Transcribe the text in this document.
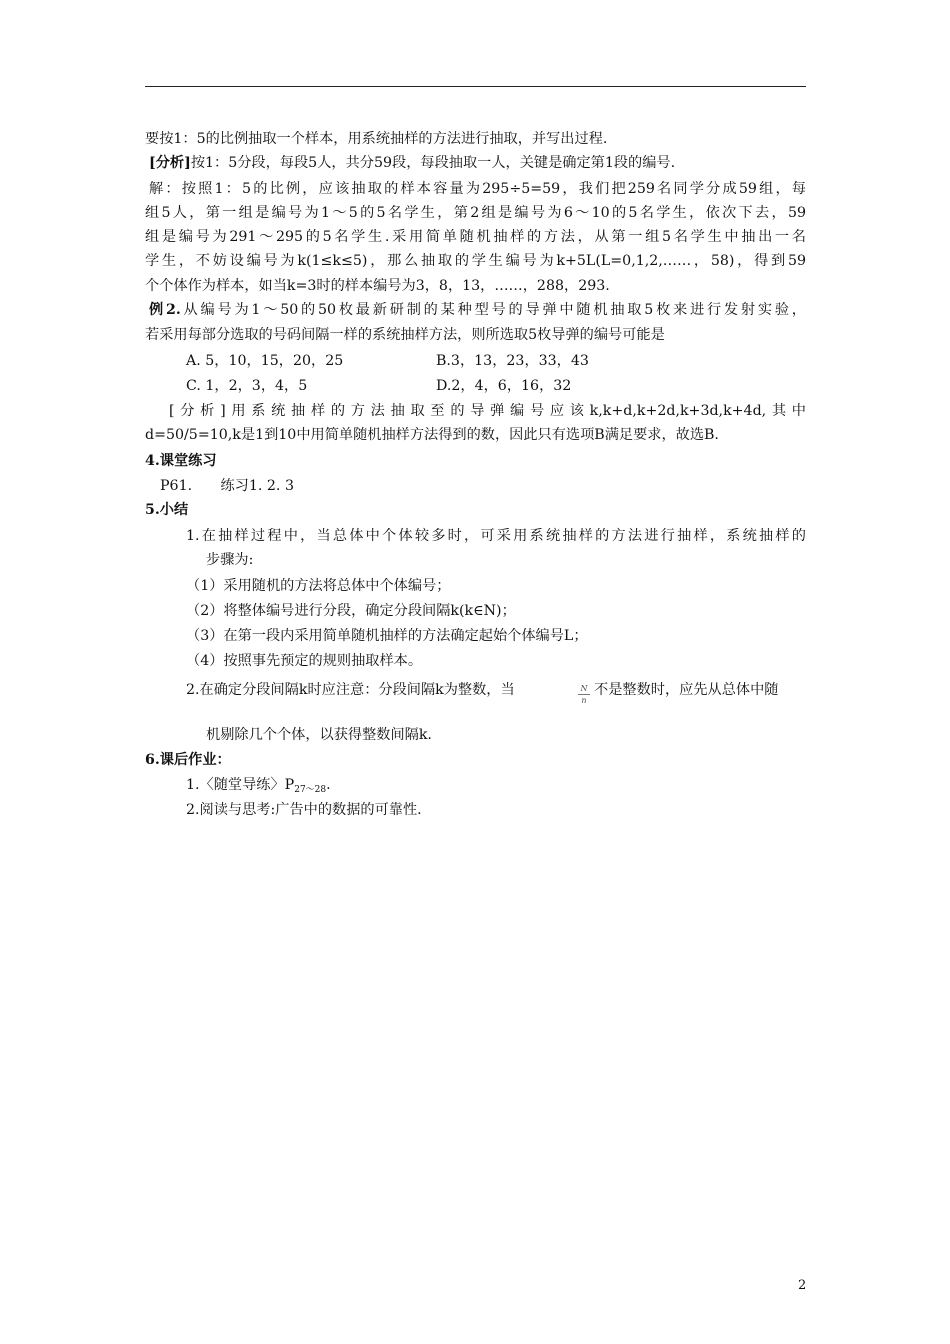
要按1：5的比例抽取一个样本，用系统抽样的方法进行抽取，并写出过程.
[分析]按1：5分段，每段5人，共分59段，每段抽取一人，关键是确定第1段的编号.
解：按照1：5的比例，应该抽取的样本容量为295÷5=59，我们把259名同学分成59组，每
组5人，第一组是编号为1～5的5名学生，第2组是编号为6～10的5名学生，依次下去，59
组是编号为291～295的5名学生.采用简单随机抽样的方法，从第一组5名学生中抽出一名
学生，不妨设编号为k(1≤k≤5)，那么抽取的学生编号为k+5L(L=0,1,2,……，58)，得到59
个个体作为样本，如当k=3时的样本编号为3，8，13，……，288，293.
例2.从编号为1～50的50枚最新研制的某种型号的导弹中随机抽取5枚来进行发射实验，
若采用每部分选取的号码间隔一样的系统抽样方法，则所选取5枚导弹的编号可能是
A. 5，10，15，20，25	B.3，13，23，33，43
C. 1，2，3，4，5	D.2，4，6，16，32
[分析]用系统抽样的方法抽取至的导弹编号应该k,k+d,k+2d,k+3d,k+4d,其中
d=50/5=10,k是1到10中用简单随机抽样方法得到的数，因此只有选项B满足要求，故选B.
4.课堂练习
P61.　　练习1. 2. 3
5.小结
1.在抽样过程中，当总体中个体较多时，可采用系统抽样的方法进行抽样，系统抽样的
步骤为:
（1）采用随机的方法将总体中个体编号；
（2）将整体编号进行分段，确定分段间隔k(k∈N)；
（3）在第一段内采用简单随机抽样的方法确定起始个体编号L；
（4）按照事先预定的规则抽取样本。
2.在确定分段间隔k时应注意：分段间隔k为整数，当	N
n
不是整数时，应先从总体中随
机剔除几个个体，以获得整数间隔k.
6.课后作业：
1.〈随堂导练〉$P_{27\sim 28}$.
2.阅读与思考:广告中的数据的可靠性.
2
